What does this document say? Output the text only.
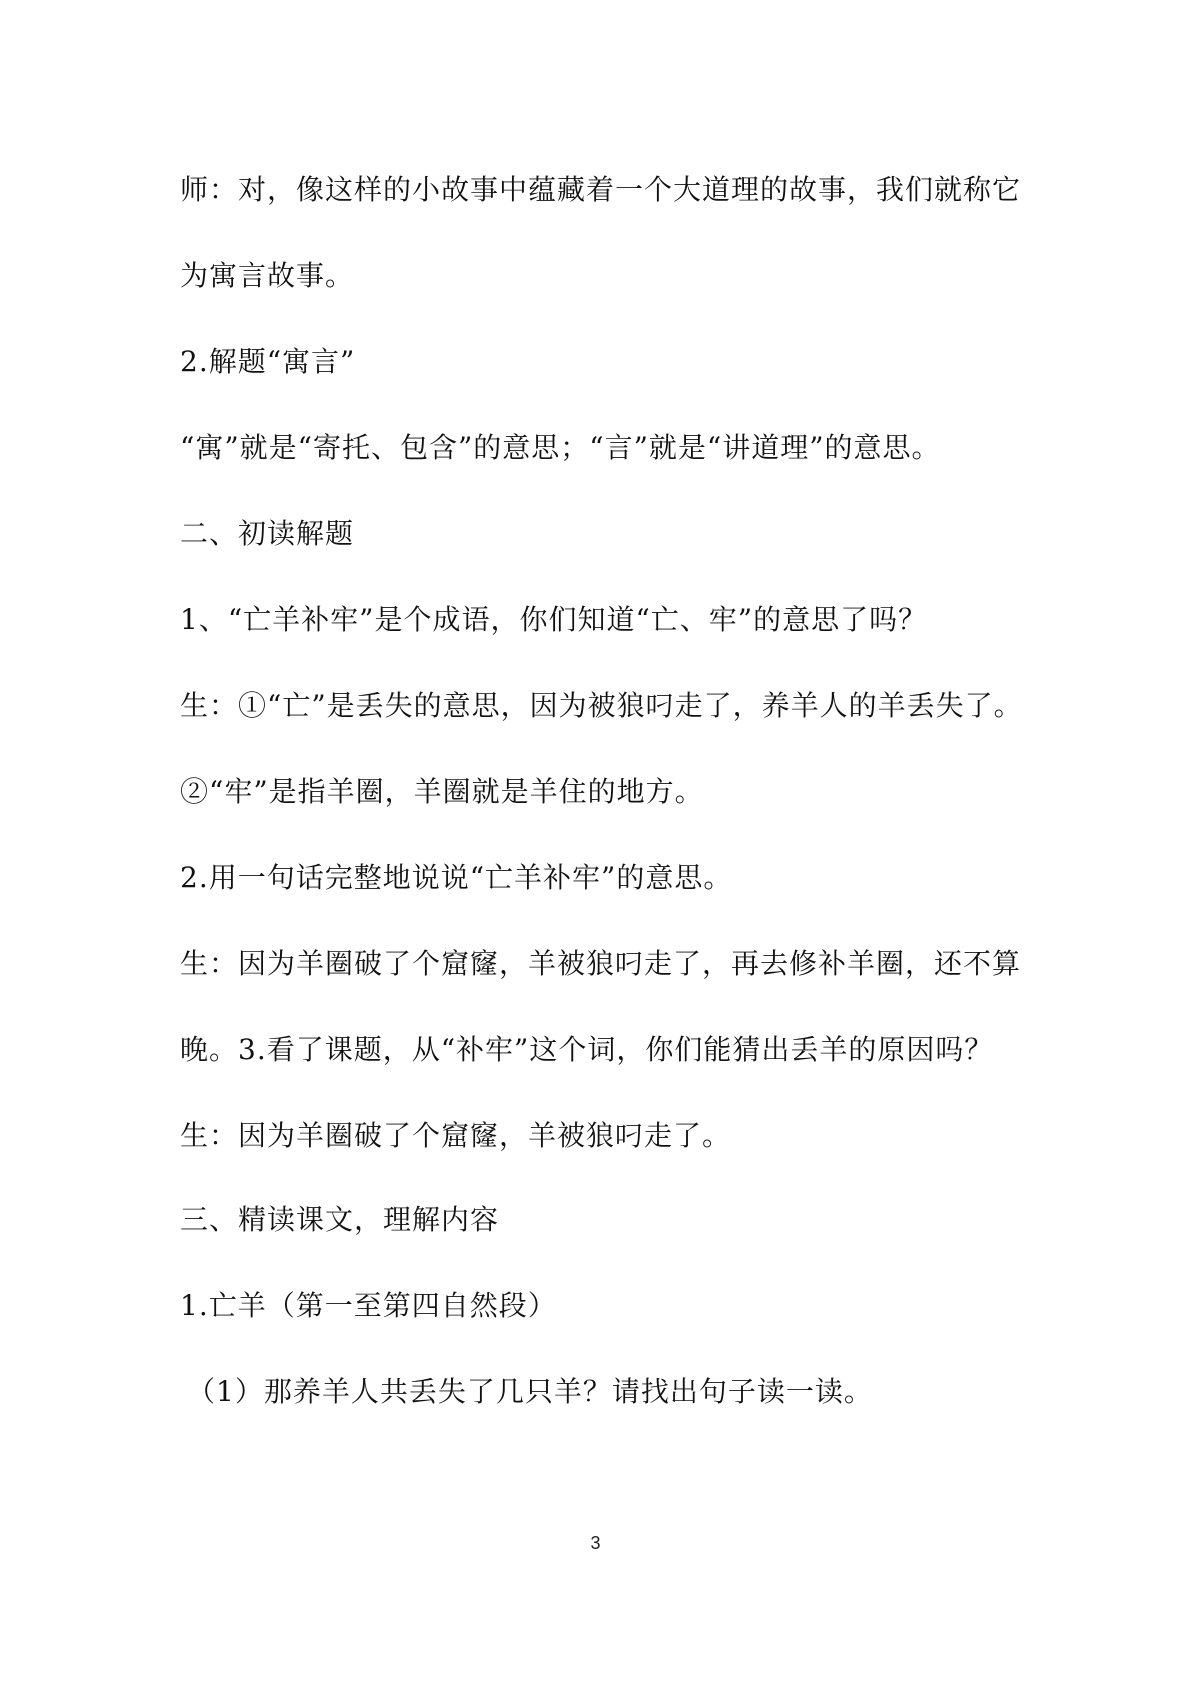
师：对，像这样的小故事中蕴藏着一个大道理的故事，我们就称它

为寓言故事。

2.解题“寓言”

“寓”就是“寄托、包含”的意思；“言”就是“讲道理”的意思。

二、初读解题

1、“亡羊补牢”是个成语，你们知道“亡、牢”的意思了吗？

生：①“亡”是丢失的意思，因为被狼叼走了，养羊人的羊丢失了。

②“牢”是指羊圈，羊圈就是羊住的地方。

2.用一句话完整地说说“亡羊补牢”的意思。

生：因为羊圈破了个窟窿，羊被狼叼走了，再去修补羊圈，还不算

晚。3.看了课题，从“补牢”这个词，你们能猜出丢羊的原因吗？

生：因为羊圈破了个窟窿，羊被狼叼走了。

三、精读课文，理解内容

1.亡羊（第一至第四自然段）

（1）那养羊人共丢失了几只羊？请找出句子读一读。

3
